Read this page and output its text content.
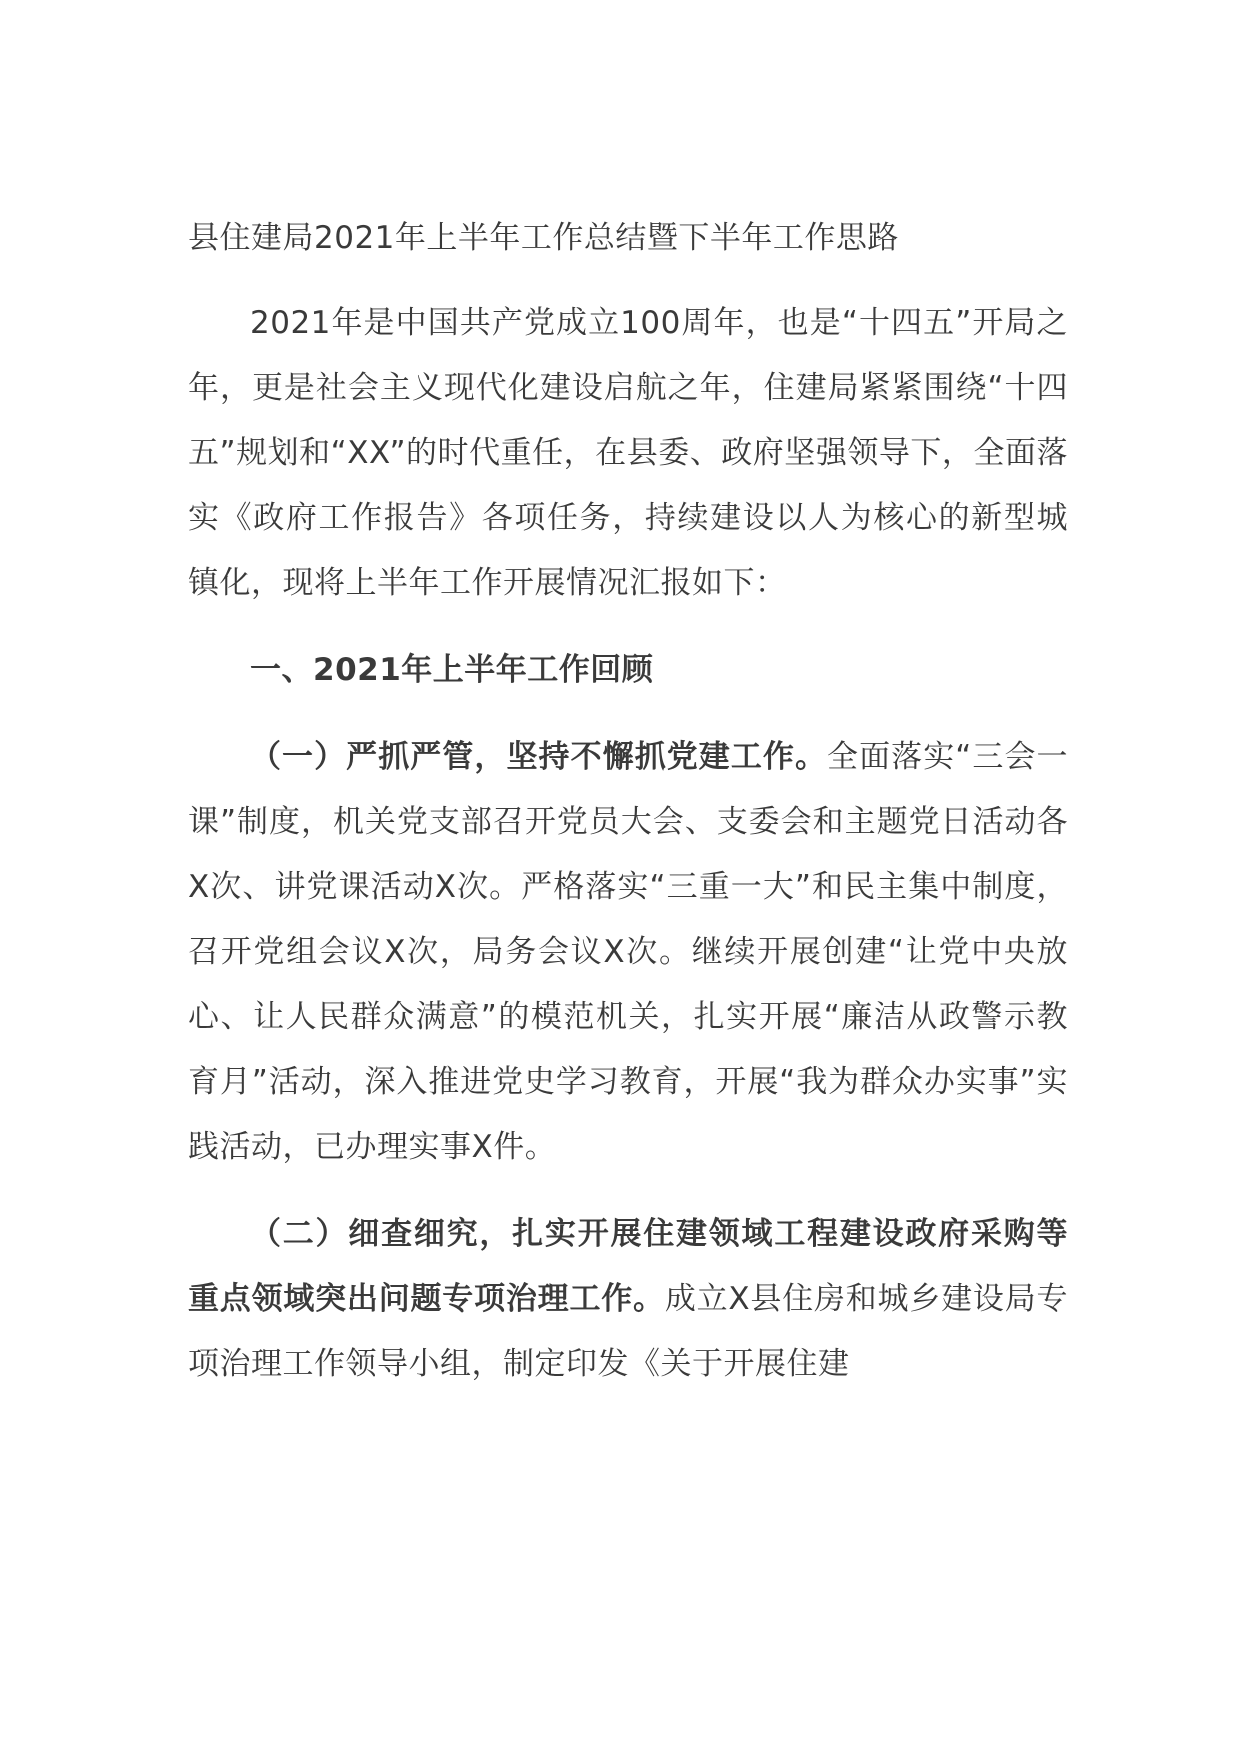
县住建局2021年上半年工作总结暨下半年工作思路

2021年是中国共产党成立100周年，也是“十四五”开局之年，更是社会主义现代化建设启航之年，住建局紧紧围绕“十四五”规划和“XX”的时代重任，在县委、政府坚强领导下，全面落实《政府工作报告》各项任务，持续建设以人为核心的新型城镇化，现将上半年工作开展情况汇报如下：

一、2021年上半年工作回顾

（一）严抓严管，坚持不懈抓党建工作。全面落实“三会一课”制度，机关党支部召开党员大会、支委会和主题党日活动各X次、讲党课活动X次。严格落实“三重一大”和民主集中制度，召开党组会议X次，局务会议X次。继续开展创建“让党中央放心、让人民群众满意”的模范机关，扎实开展“廉洁从政警示教育月”活动，深入推进党史学习教育，开展“我为群众办实事”实践活动，已办理实事X件。

（二）细查细究，扎实开展住建领域工程建设政府采购等重点领域突出问题专项治理工作。成立X县住房和城乡建设局专项治理工作领导小组，制定印发《关于开展住建
